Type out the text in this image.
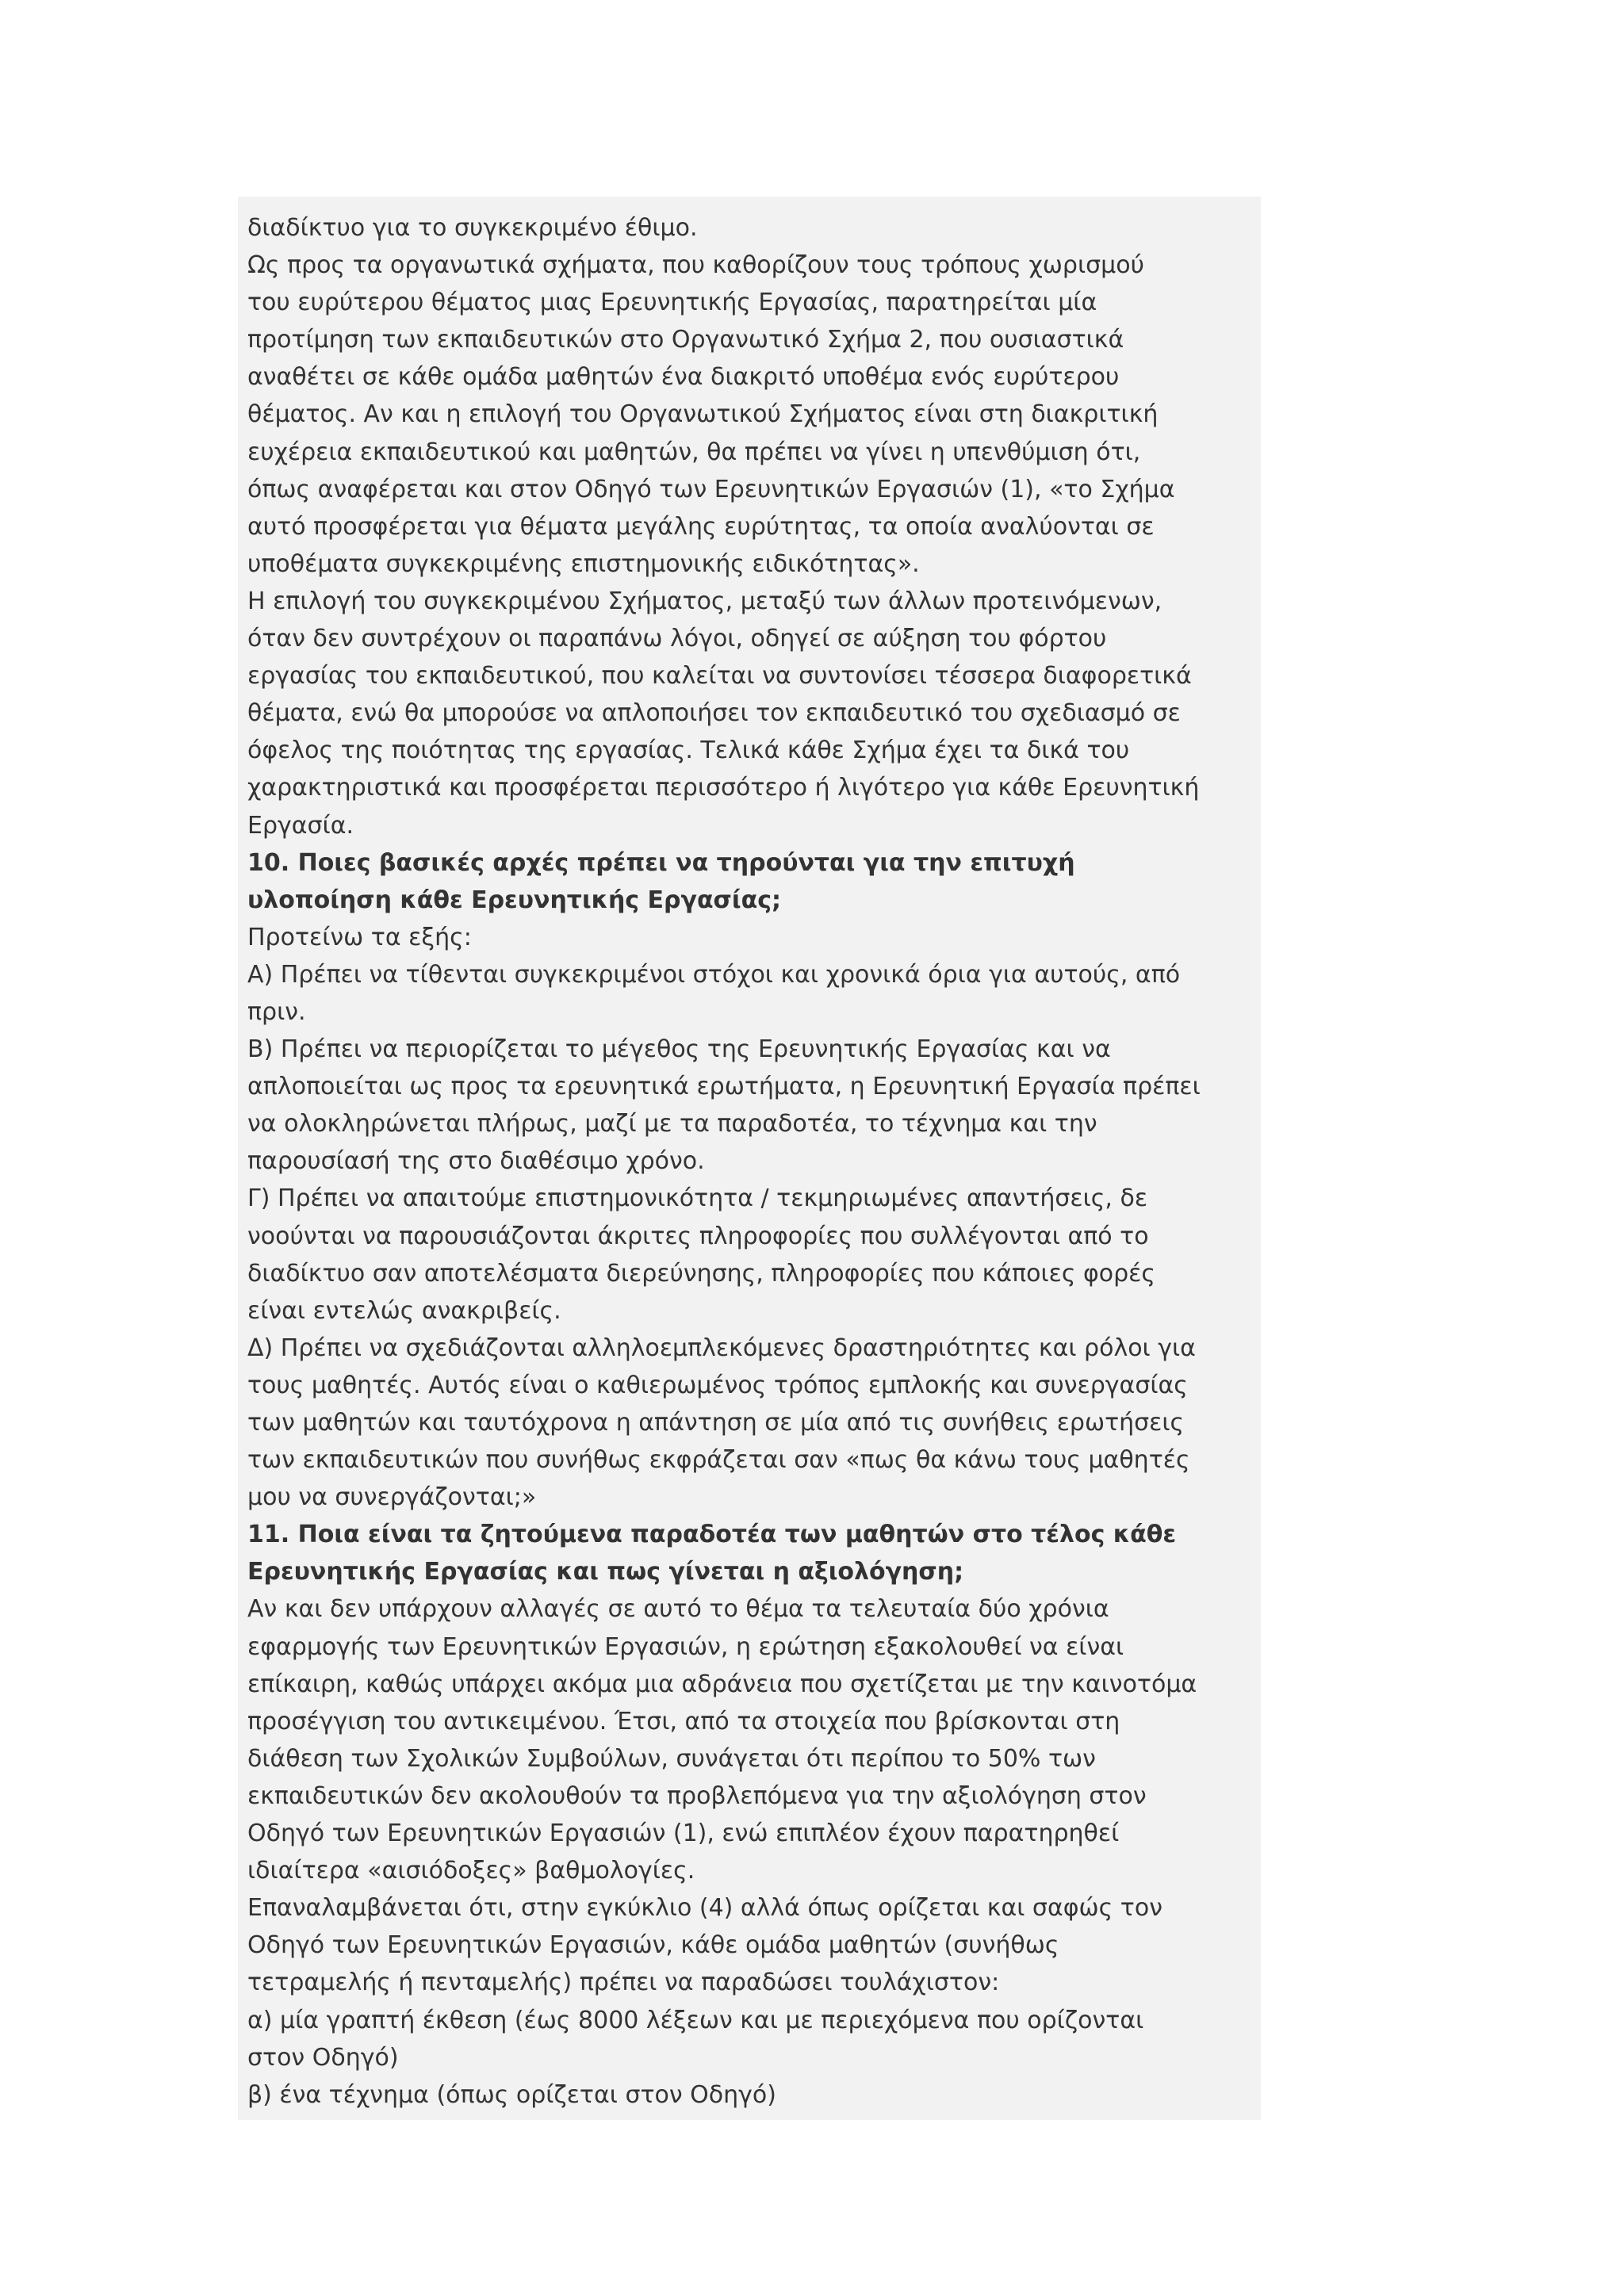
διαδίκτυο για το συγκεκριμένο έθιμο.
Ως προς τα οργανωτικά σχήματα, που καθορίζουν τους τρόπους χωρισμού
του ευρύτερου θέματος μιας Ερευνητικής Εργασίας, παρατηρείται μία
προτίμηση των εκπαιδευτικών στο Οργανωτικό Σχήμα 2, που ουσιαστικά
αναθέτει σε κάθε ομάδα μαθητών ένα διακριτό υποθέμα ενός ευρύτερου
θέματος. Αν και η επιλογή του Οργανωτικού Σχήματος είναι στη διακριτική
ευχέρεια εκπαιδευτικού και μαθητών, θα πρέπει να γίνει η υπενθύμιση ότι,
όπως αναφέρεται και στον Οδηγό των Ερευνητικών Εργασιών (1), «το Σχήμα
αυτό προσφέρεται για θέματα μεγάλης ευρύτητας, τα οποία αναλύονται σε
υποθέματα συγκεκριμένης επιστημονικής ειδικότητας».
Η επιλογή του συγκεκριμένου Σχήματος, μεταξύ των άλλων προτεινόμενων,
όταν δεν συντρέχουν οι παραπάνω λόγοι, οδηγεί σε αύξηση του φόρτου
εργασίας του εκπαιδευτικού, που καλείται να συντονίσει τέσσερα διαφορετικά
θέματα, ενώ θα μπορούσε να απλοποιήσει τον εκπαιδευτικό του σχεδιασμό σε
όφελος της ποιότητας της εργασίας. Τελικά κάθε Σχήμα έχει τα δικά του
χαρακτηριστικά και προσφέρεται περισσότερο ή λιγότερο για κάθε Ερευνητική
Εργασία.
10. Ποιες βασικές αρχές πρέπει να τηρούνται για την επιτυχή
υλοποίηση κάθε Ερευνητικής Εργασίας;
Προτείνω τα εξής:
Α) Πρέπει να τίθενται συγκεκριμένοι στόχοι και χρονικά όρια για αυτούς, από
πριν.
Β) Πρέπει να περιορίζεται το μέγεθος της Ερευνητικής Εργασίας και να
απλοποιείται ως προς τα ερευνητικά ερωτήματα, η Ερευνητική Εργασία πρέπει
να ολοκληρώνεται πλήρως, μαζί με τα παραδοτέα, το τέχνημα και την
παρουσίασή της στο διαθέσιμο χρόνο.
Γ) Πρέπει να απαιτούμε επιστημονικότητα / τεκμηριωμένες απαντήσεις, δε
νοούνται να παρουσιάζονται άκριτες πληροφορίες που συλλέγονται από το
διαδίκτυο σαν αποτελέσματα διερεύνησης, πληροφορίες που κάποιες φορές
είναι εντελώς ανακριβείς.
Δ) Πρέπει να σχεδιάζονται αλληλοεμπλεκόμενες δραστηριότητες και ρόλοι για
τους μαθητές. Αυτός είναι ο καθιερωμένος τρόπος εμπλοκής και συνεργασίας
των μαθητών και ταυτόχρονα η απάντηση σε μία από τις συνήθεις ερωτήσεις
των εκπαιδευτικών που συνήθως εκφράζεται σαν «πως θα κάνω τους μαθητές
μου να συνεργάζονται;»
11. Ποια είναι τα ζητούμενα παραδοτέα των μαθητών στο τέλος κάθε
Ερευνητικής Εργασίας και πως γίνεται η αξιολόγηση;
Αν και δεν υπάρχουν αλλαγές σε αυτό το θέμα τα τελευταία δύο χρόνια
εφαρμογής των Ερευνητικών Εργασιών, η ερώτηση εξακολουθεί να είναι
επίκαιρη, καθώς υπάρχει ακόμα μια αδράνεια που σχετίζεται με την καινοτόμα
προσέγγιση του αντικειμένου. Έτσι, από τα στοιχεία που βρίσκονται στη
διάθεση των Σχολικών Συμβούλων, συνάγεται ότι περίπου το 50% των
εκπαιδευτικών δεν ακολουθούν τα προβλεπόμενα για την αξιολόγηση στον
Οδηγό των Ερευνητικών Εργασιών (1), ενώ επιπλέον έχουν παρατηρηθεί
ιδιαίτερα «αισιόδοξες» βαθμολογίες.
Επαναλαμβάνεται ότι, στην εγκύκλιο (4) αλλά όπως ορίζεται και σαφώς τον
Οδηγό των Ερευνητικών Εργασιών, κάθε ομάδα μαθητών (συνήθως
τετραμελής ή πενταμελής) πρέπει να παραδώσει τουλάχιστον:
α) μία γραπτή έκθεση (έως 8000 λέξεων και με περιεχόμενα που ορίζονται
στον Οδηγό)
β) ένα τέχνημα (όπως ορίζεται στον Οδηγό)
